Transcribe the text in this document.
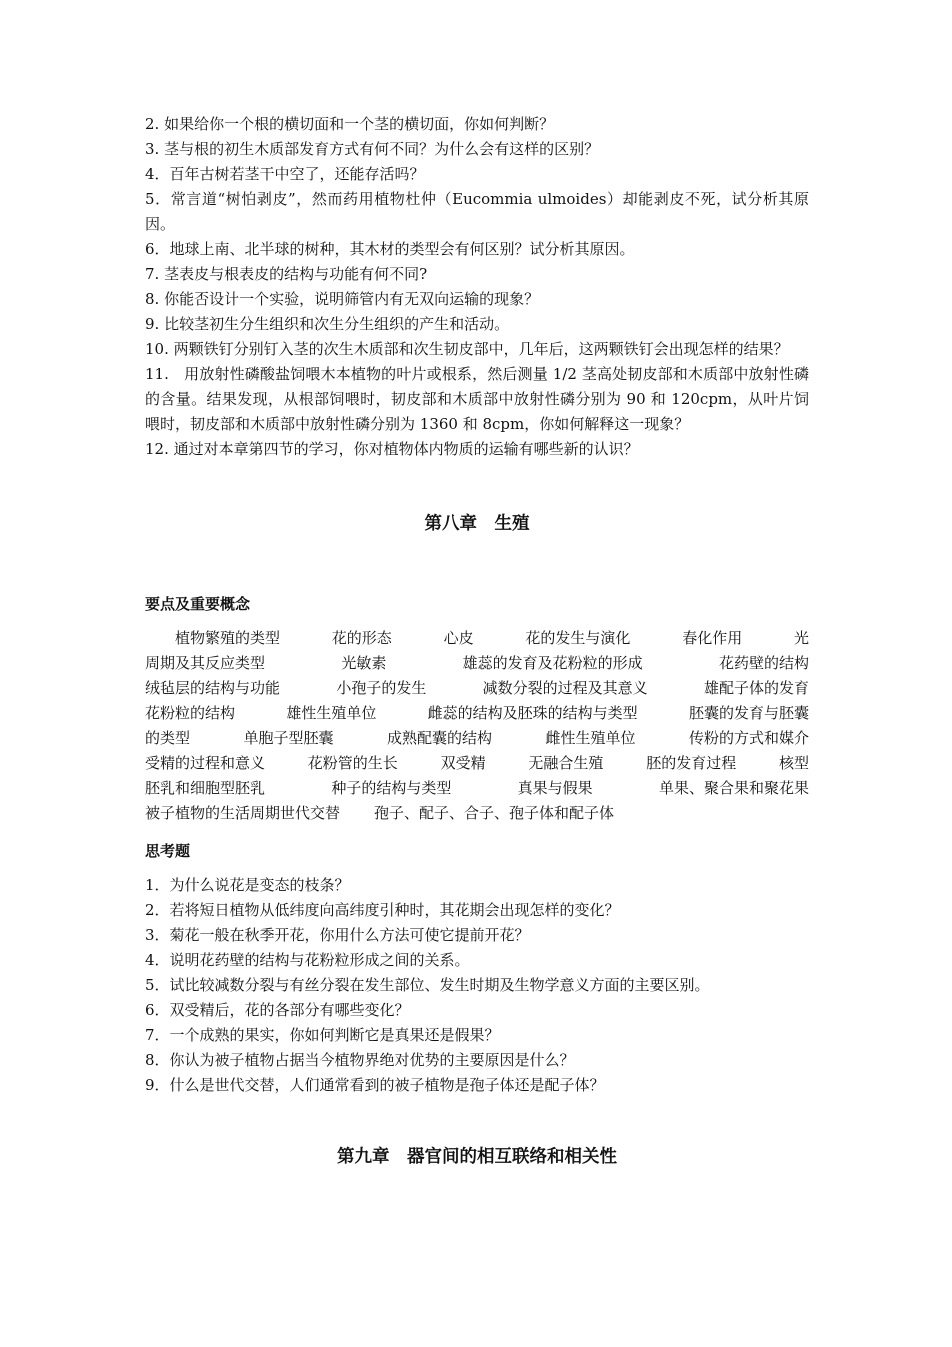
2. 如果给你一个根的横切面和一个茎的横切面，你如何判断？

3. 茎与根的初生木质部发育方式有何不同？为什么会有这样的区别？

4．百年古树若茎干中空了，还能存活吗？

5．常言道“树怕剥皮”，然而药用植物杜仲（Eucommia ulmoides）却能剥皮不死，试分析其原因。

6．地球上南、北半球的树种，其木材的类型会有何区别？试分析其原因。

7. 茎表皮与根表皮的结构与功能有何不同?

8. 你能否设计一个实验，说明筛管内有无双向运输的现象？

9. 比较茎初生分生组织和次生分生组织的产生和活动。

10. 两颗铁钉分别钉入茎的次生木质部和次生韧皮部中，几年后，这两颗铁钉会出现怎样的结果？

11.　用放射性磷酸盐饲喂木本植物的叶片或根系，然后测量 1/2 茎高处韧皮部和木质部中放射性磷的含量。结果发现，从根部饲喂时，韧皮部和木质部中放射性磷分别为 90 和 120cpm，从叶片饲喂时，韧皮部和木质部中放射性磷分别为 1360 和 8cpm，你如何解释这一现象？

12. 通过对本章第四节的学习，你对植物体内物质的运输有哪些新的认识？

第八章　生殖
要点及重要概念
　　植物繁殖的类型	花的形态	心皮	花的发生与演化	春化作用	光
周期及其反应类型	光敏素	雄蕊的发育及花粉粒的形成	花药壁的结构
绒毡层的结构与功能	小孢子的发生	减数分裂的过程及其意义	雄配子体的发育
花粉粒的结构	雄性生殖单位	雌蕊的结构及胚珠的结构与类型	胚囊的发育与胚囊
的类型	单胞子型胚囊	成熟配囊的结构	雌性生殖单位	传粉的方式和媒介
受精的过程和意义	花粉管的生长	双受精	无融合生殖	胚的发育过程	核型
胚乳和细胞型胚乳	种子的结构与类型	真果与假果	单果、聚合果和聚花果
被子植物的生活周期世代交替 孢子、配子、合子、孢子体和配子体
思考题

1．为什么说花是变态的枝条？

2．若将短日植物从低纬度向高纬度引种时，其花期会出现怎样的变化？

3．菊花一般在秋季开花，你用什么方法可使它提前开花？

4．说明花药壁的结构与花粉粒形成之间的关系。

5．试比较减数分裂与有丝分裂在发生部位、发生时期及生物学意义方面的主要区别。

6．双受精后，花的各部分有哪些变化？

7．一个成熟的果实，你如何判断它是真果还是假果？

8．你认为被子植物占据当今植物界绝对优势的主要原因是什么？

9．什么是世代交替，人们通常看到的被子植物是孢子体还是配子体？

第九章　器官间的相互联络和相关性
